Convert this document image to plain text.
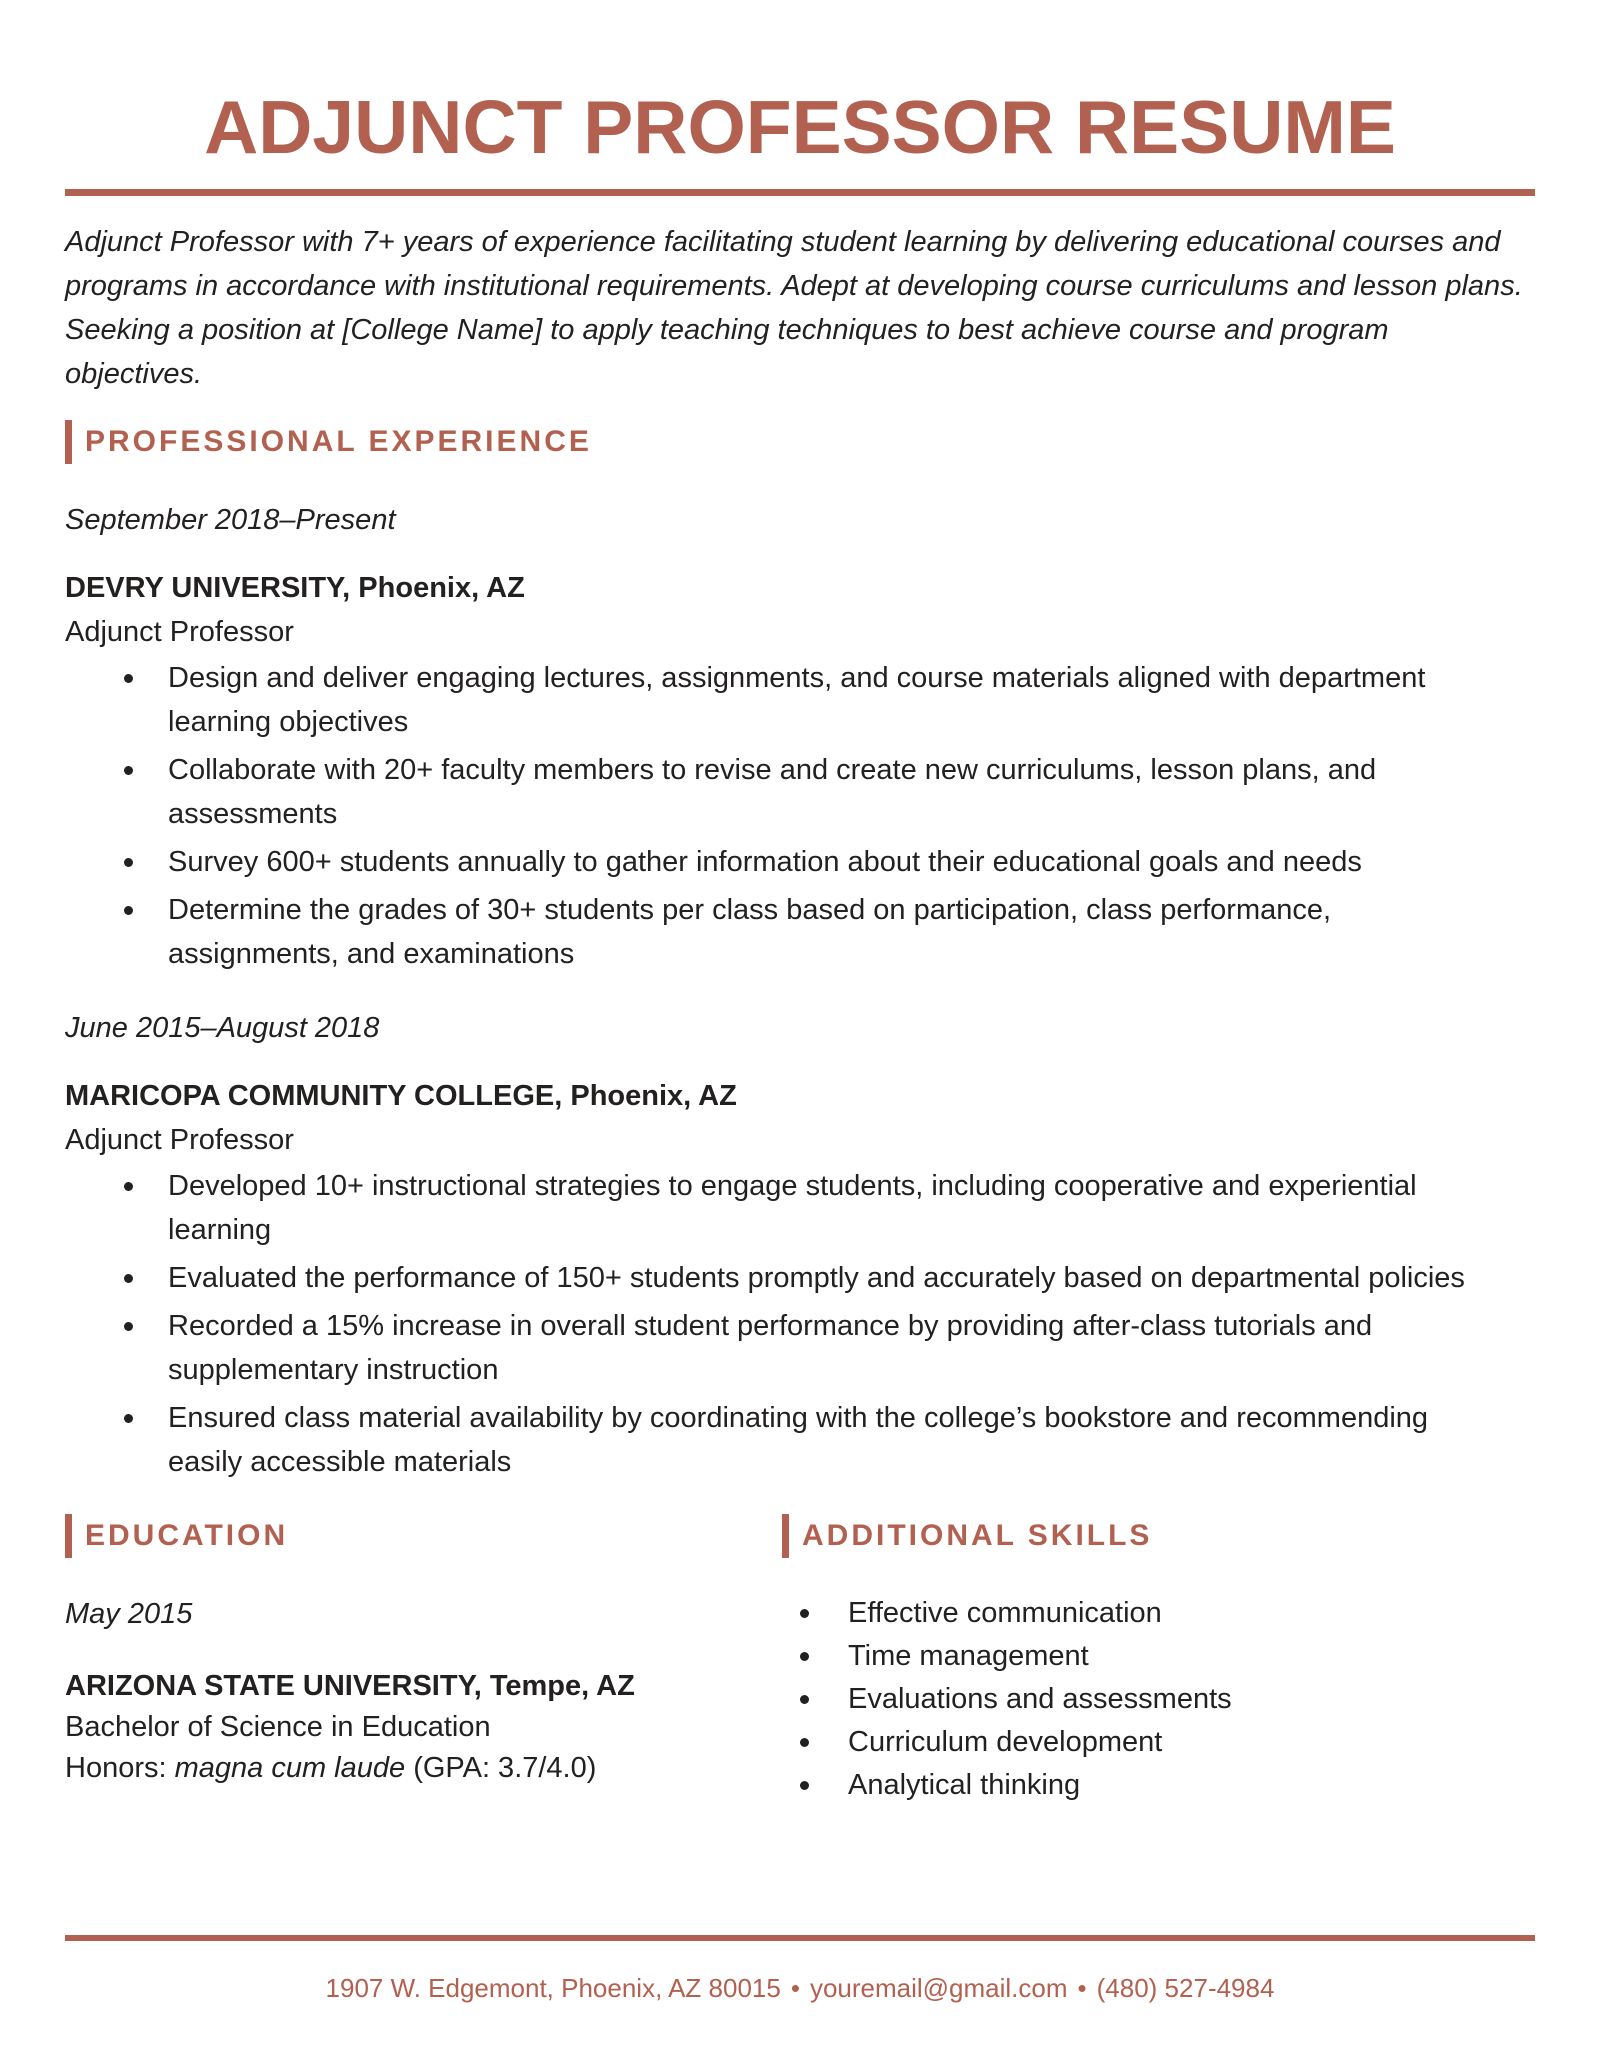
ADJUNCT PROFESSOR RESUME

Adjunct Professor with 7+ years of experience facilitating student learning by delivering educational courses and programs in accordance with institutional requirements. Adept at developing course curriculums and lesson plans. Seeking a position at [College Name] to apply teaching techniques to best achieve course and program objectives.

PROFESSIONAL EXPERIENCE

September 2018–Present

DEVRY UNIVERSITY, Phoenix, AZ

Adjunct Professor

Design and deliver engaging lectures, assignments, and course materials aligned with department learning objectives
Collaborate with 20+ faculty members to revise and create new curriculums, lesson plans, and assessments
Survey 600+ students annually to gather information about their educational goals and needs
Determine the grades of 30+ students per class based on participation, class performance, assignments, and examinations

June 2015–August 2018

MARICOPA COMMUNITY COLLEGE, Phoenix, AZ

Adjunct Professor

Developed 10+ instructional strategies to engage students, including cooperative and experiential learning
Evaluated the performance of 150+ students promptly and accurately based on departmental policies
Recorded a 15% increase in overall student performance by providing after-class tutorials and supplementary instruction
Ensured class material availability by coordinating with the college’s bookstore and recommending easily accessible materials
EDUCATION

May 2015

ARIZONA STATE UNIVERSITY, Tempe, AZ

Bachelor of Science in Education

Honors: magna cum laude (GPA: 3.7/4.0)

ADDITIONAL SKILLS
Effective communication
Time management
Evaluations and assessments
Curriculum development
Analytical thinking
1907 W. Edgemont, Phoenix, AZ 80015 • youremail@gmail.com • (480) 527-4984
